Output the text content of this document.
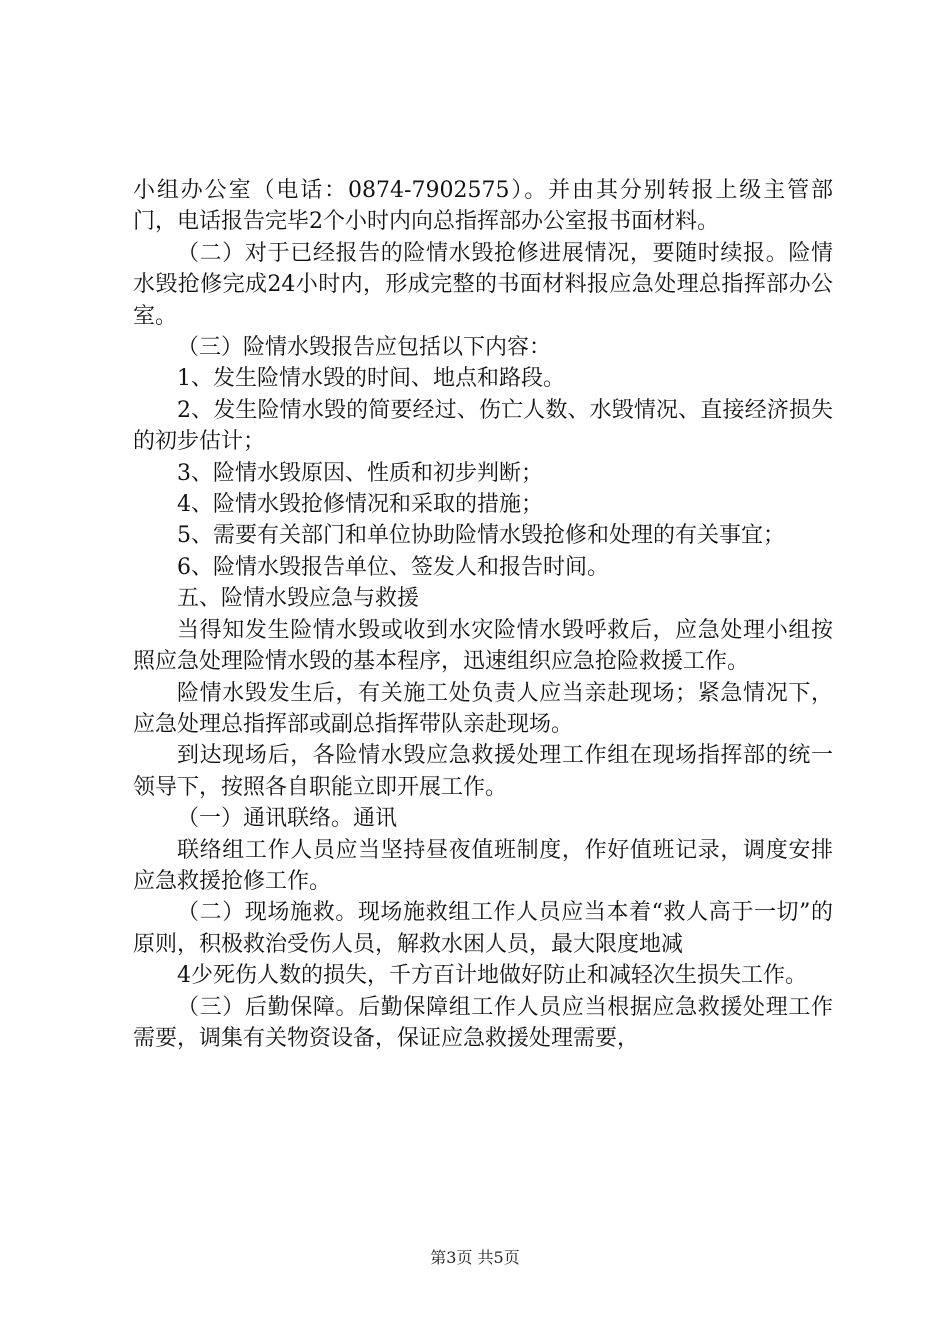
小组办公室（电话：0874-7902575）。并由其分别转报上级主管部门，电话报告完毕2个小时内向总指挥部办公室报书面材料。

（二）对于已经报告的险情水毁抢修进展情况，要随时续报。险情水毁抢修完成24小时内，形成完整的书面材料报应急处理总指挥部办公室。

（三）险情水毁报告应包括以下内容：

1、发生险情水毁的时间、地点和路段。

2、发生险情水毁的简要经过、伤亡人数、水毁情况、直接经济损失的初步估计；

3、险情水毁原因、性质和初步判断；

4、险情水毁抢修情况和采取的措施；

5、需要有关部门和单位协助险情水毁抢修和处理的有关事宜；

6、险情水毁报告单位、签发人和报告时间。

五、险情水毁应急与救援

当得知发生险情水毁或收到水灾险情水毁呼救后，应急处理小组按照应急处理险情水毁的基本程序，迅速组织应急抢险救援工作。

险情水毁发生后，有关施工处负责人应当亲赴现场；紧急情况下，应急处理总指挥部或副总指挥带队亲赴现场。

到达现场后，各险情水毁应急救援处理工作组在现场指挥部的统一领导下，按照各自职能立即开展工作。

（一）通讯联络。通讯

联络组工作人员应当坚持昼夜值班制度，作好值班记录，调度安排应急救援抢修工作。

（二）现场施救。现场施救组工作人员应当本着“救人高于一切”的原则，积极救治受伤人员，解救水困人员，最大限度地减

4少死伤人数的损失，千方百计地做好防止和减轻次生损失工作。

（三）后勤保障。后勤保障组工作人员应当根据应急救援处理工作需要，调集有关物资设备，保证应急救援处理需要，

第3页 共5页
